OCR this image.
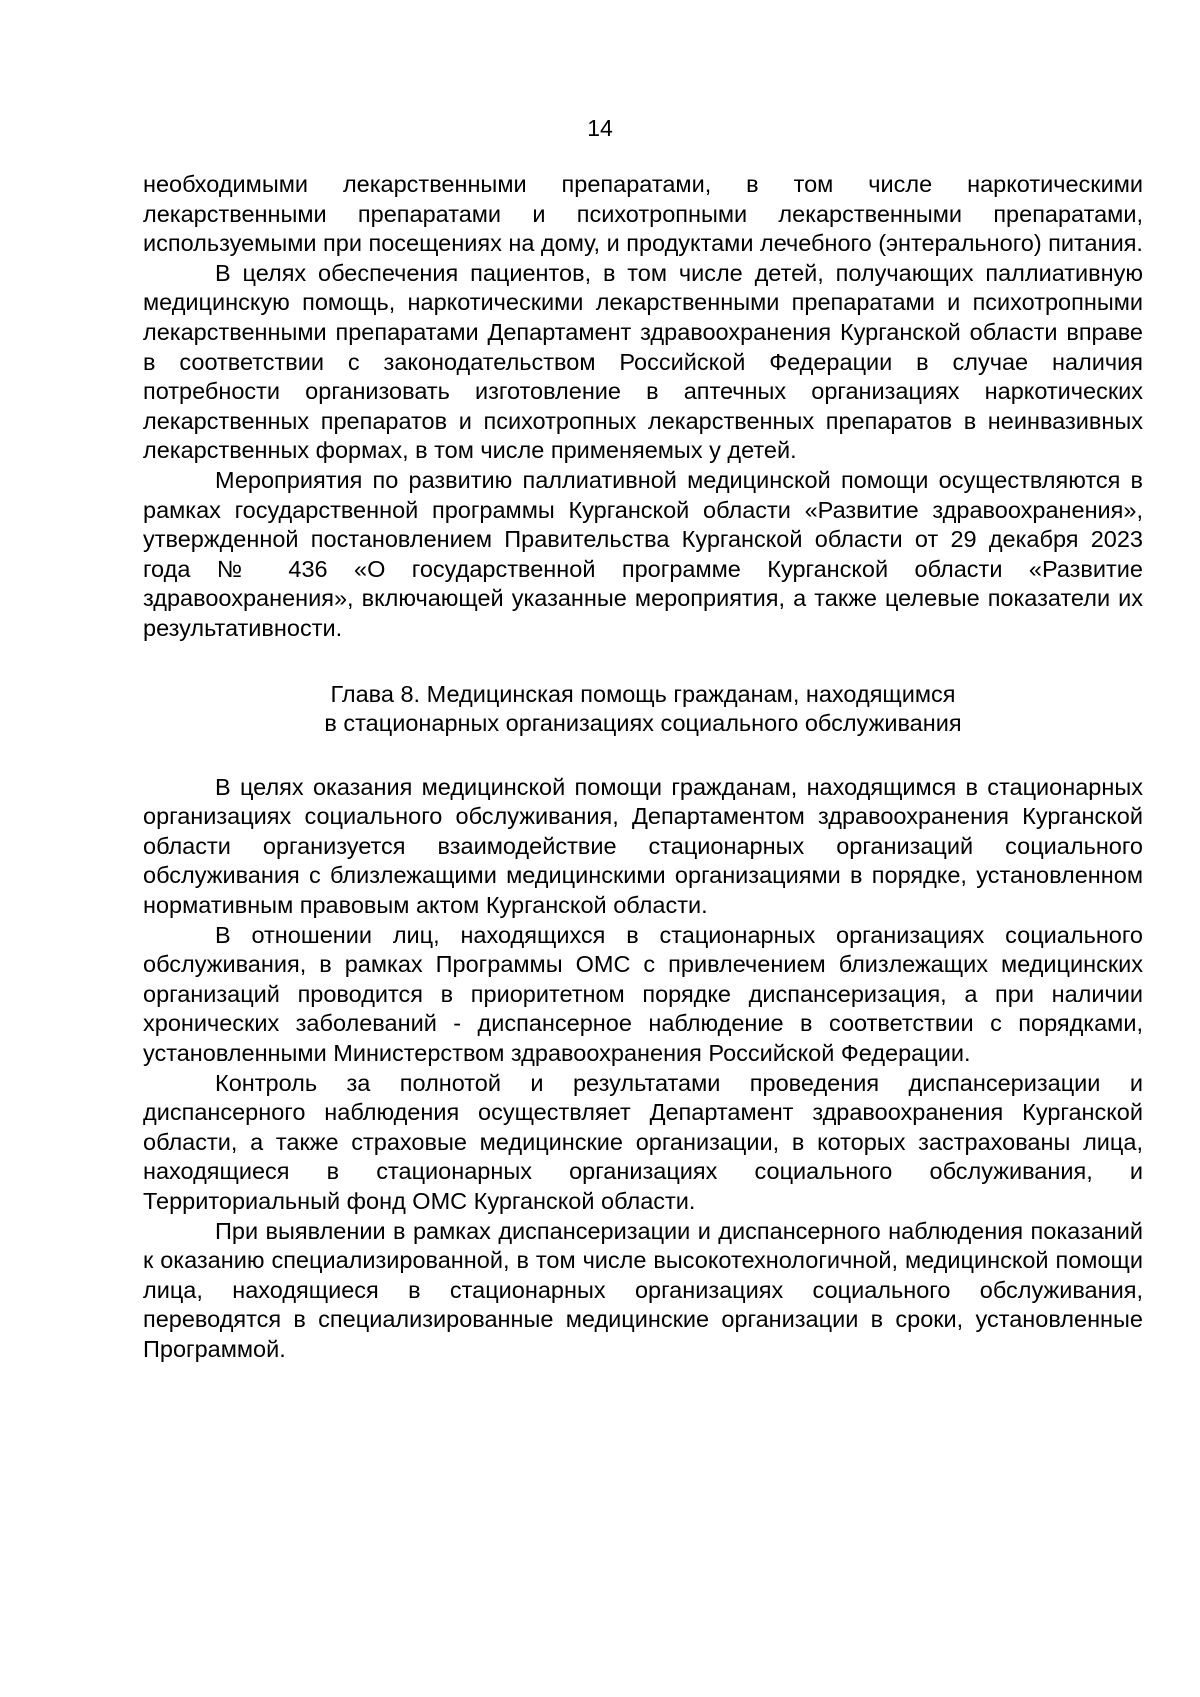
14

необходимыми лекарственными препаратами, в том числе наркотическими лекарственными препаратами и психотропными лекарственными препаратами, используемыми при посещениях на дому, и продуктами лечебного (энтерального) питания.

В целях обеспечения пациентов, в том числе детей, получающих паллиативную медицинскую помощь, наркотическими лекарственными препаратами и психотропными лекарственными препаратами Департамент здравоохранения Курганской области вправе в соответствии с законодательством Российской Федерации в случае наличия потребности организовать изготовление в аптечных организациях наркотических лекарственных препаратов и психотропных лекарственных препаратов в неинвазивных лекарственных формах, в том числе применяемых у детей.

Мероприятия по развитию паллиативной медицинской помощи осуществляются в рамках государственной программы Курганской области «Развитие здравоохранения», утвержденной постановлением Правительства Курганской области от 29 декабря 2023 года № 436 «О государственной программе Курганской области «Развитие здравоохранения», включающей указанные мероприятия, а также целевые показатели их результативности.

Глава 8. Медицинская помощь гражданам, находящимся
в стационарных организациях социального обслуживания

В целях оказания медицинской помощи гражданам, находящимся в стационарных организациях социального обслуживания, Департаментом здравоохранения Курганской области организуется взаимодействие стационарных организаций социального обслуживания с близлежащими медицинскими организациями в порядке, установленном нормативным правовым актом Курганской области.

В отношении лиц, находящихся в стационарных организациях социального обслуживания, в рамках Программы ОМС с привлечением близлежащих медицинских организаций проводится в приоритетном порядке диспансеризация, а при наличии хронических заболеваний - диспансерное наблюдение в соответствии с порядками, установленными Министерством здравоохранения Российской Федерации.

Контроль за полнотой и результатами проведения диспансеризации и диспансерного наблюдения осуществляет Департамент здравоохранения Курганской области, а также страховые медицинские организации, в которых застрахованы лица, находящиеся в стационарных организациях социального обслуживания, и Территориальный фонд ОМС Курганской области.

При выявлении в рамках диспансеризации и диспансерного наблюдения показаний к оказанию специализированной, в том числе высокотехнологичной, медицинской помощи лица, находящиеся в стационарных организациях социального обслуживания, переводятся в специализированные медицинские организации в сроки, установленные Программой.
